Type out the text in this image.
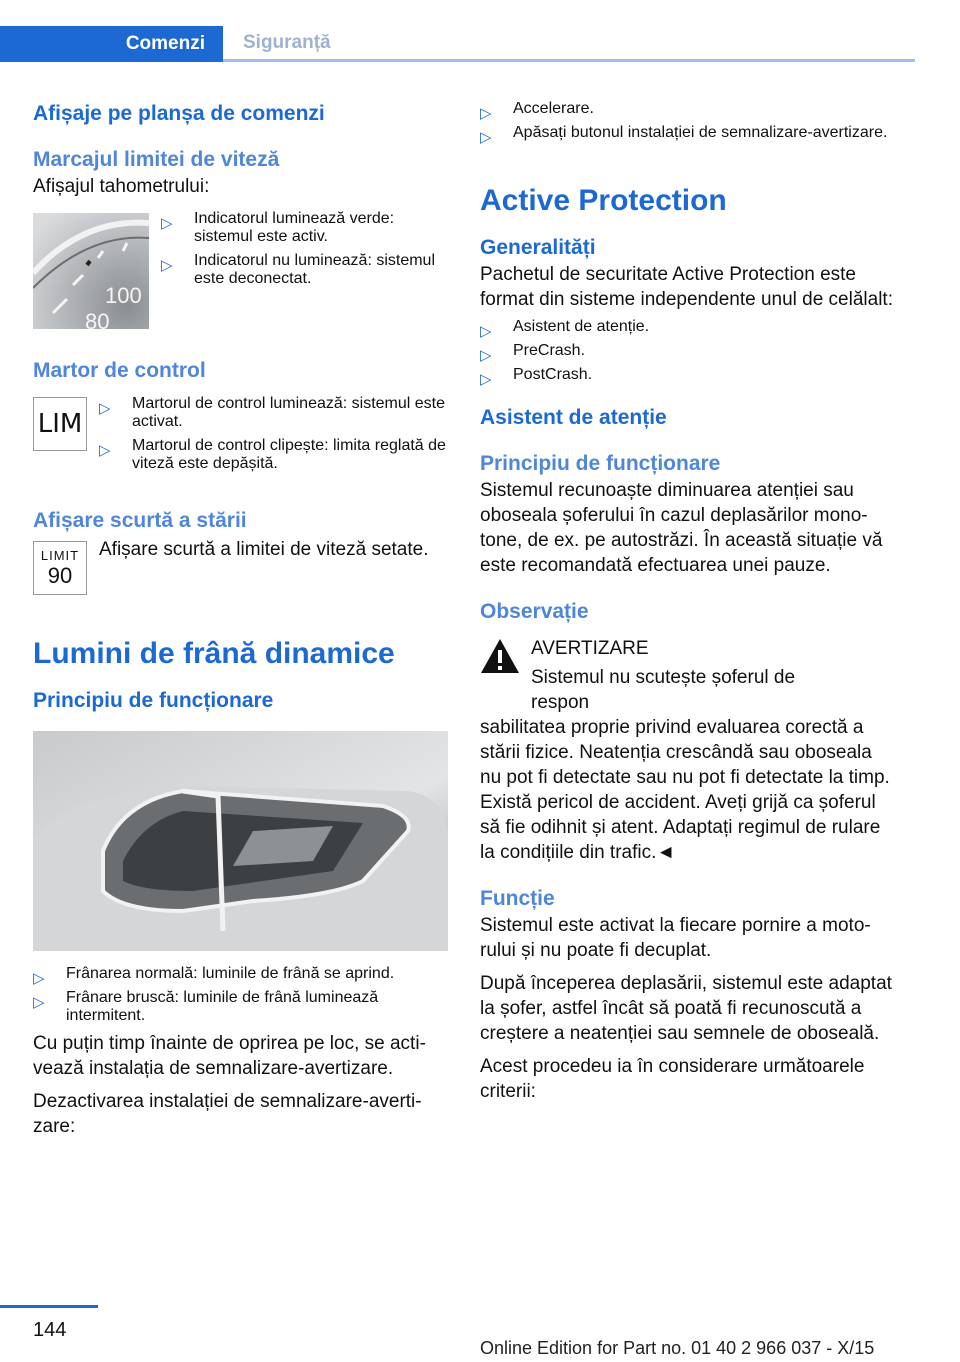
Comenzi	Siguranță
Afișaje pe planșa de comenzi
Marcajul limitei de viteză

Afișajul tahometrului:

100
80
▷ Indicatorul luminează verde: sistemul este activ.
▷ Indicatorul nu luminează: sistemul este deconectat.
Martor de control
LIM
▷ Martorul de control luminează: sistemul este activat.
▷ Martorul de control clipește: limita reglată de viteză este depășită.
Afișare scurtă a stării
LIMIT
90

Afișare scurtă a limitei de viteză setate.

Lumini de frână dinamice
Principiu de funcționare
▷ Frânarea normală: luminile de frână se aprind.
▷ Frânare bruscă: luminile de frână luminează intermitent.

Cu puțin timp înainte de oprirea pe loc, se activează instalația de semnalizare-avertizare.

Dezactivarea instalației de semnalizare-avertizare:

▷ Accelerare.
▷ Apăsați butonul instalației de semnalizare-avertizare.
Active Protection
Generalități

Pachetul de securitate Active Protection este format din sisteme independente unul de celălalt:

▷ Asistent de atenție.
▷ PreCrash.
▷ PostCrash.
Asistent de atenție
Principiu de funcționare

Sistemul recunoaște diminuarea atenției sau oboseala șoferului în cazul deplasărilor monotone, de ex. pe autostrăzi. În această situație vă este recomandată efectuarea unei pauze.

Observație
AVERTIZARE

Sistemul nu scutește șoferul de respon

sabilitatea proprie privind evaluarea corectă a stării fizice. Neatenția crescândă sau oboseala nu pot fi detectate sau nu pot fi detectate la timp. Există pericol de accident. Aveți grijă ca șoferul să fie odihnit și atent. Adaptați regimul de rulare la condițiile din trafic.◄

Funcție

Sistemul este activat la fiecare pornire a motorului și nu poate fi decuplat.

După începerea deplasării, sistemul este adaptat la șofer, astfel încât să poată fi recunoscută a creștere a neatenției sau semnele de oboseală.

Acest procedeu ia în considerare următoarele criterii:

144
Online Edition for Part no. 01 40 2 966 037 - X/15
